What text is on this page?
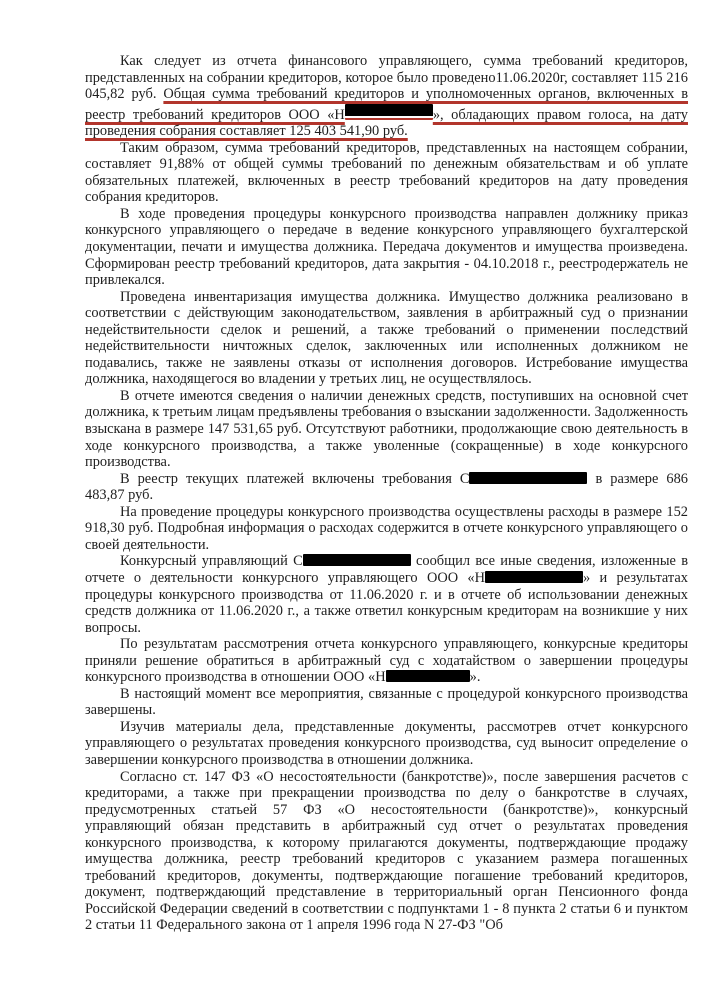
Как следует из отчета финансового управляющего, сумма требований кредиторов, представленных на собрании кредиторов, которое было проведено11.06.2020г, составляет 115 216 045,82 руб. Общая сумма требований кредиторов и уполномоченных органов, включенных в реестр требований кредиторов ООО «Н	», обладающих правом голоса, на дату проведения собрания составляет 125 403 541,90 руб.

Таким образом, сумма требований кредиторов, представленных на настоящем собрании, составляет 91,88% от общей суммы требований по денежным обязательствам и об уплате обязательных платежей, включенных в реестр требований кредиторов на дату проведения собрания кредиторов.

В ходе проведения процедуры конкурсного производства направлен должнику приказ конкурсного управляющего о передаче в ведение конкурсного управляющего бухгалтерской документации, печати и имущества должника. Передача документов и имущества произведена. Сформирован реестр требований кредиторов, дата закрытия - 04.10.2018 г., реестродержатель не привлекался.

Проведена инвентаризация имущества должника. Имущество должника реализовано в соответствии с действующим законодательством, заявления в арбитражный суд о признании недействительности сделок и решений, а также требований о применении последствий недействительности ничтожных сделок, заключенных или исполненных должником не подавались, также не заявлены отказы от исполнения договоров. Истребование имущества должника, находящегося во владении у третьих лиц, не осуществлялось.

В отчете имеются сведения о наличии денежных средств, поступивших на основной счет должника, к третьим лицам предъявлены требования о взыскании задолженности. Задолженность взыскана в размере 147 531,65 руб. Отсутствуют работники, продолжающие свою деятельность в ходе конкурсного производства, а также уволенные (сокращенные) в ходе конкурсного производства.

В реестр текущих платежей включены требования С	в размере 686 483,87 руб.

На проведение процедуры конкурсного производства осуществлены расходы в размере 152 918,30 руб. Подробная информация о расходах содержится в отчете конкурсного управляющего о своей деятельности.

Конкурсный управляющий С	сообщил все иные сведения, изложенные в отчете о деятельности конкурсного управляющего ООО «Н	» и результатах процедуры конкурсного производства от 11.06.2020 г. и в отчете об использовании денежных средств должника от 11.06.2020 г., а также ответил конкурсным кредиторам на возникшие у них вопросы.

По результатам рассмотрения отчета конкурсного управляющего, конкурсные кредиторы приняли решение обратиться в арбитражный суд с ходатайством о завершении процедуры конкурсного производства в отношении ООО «Н	».

В настоящий момент все мероприятия, связанные с процедурой конкурсного производства завершены.

Изучив материалы дела, представленные документы, рассмотрев отчет конкурсного управляющего о результатах проведения конкурсного производства, суд выносит определение о завершении конкурсного производства в отношении должника.

Согласно ст. 147 ФЗ «О несостоятельности (банкротстве)», после завершения расчетов с кредиторами, а также при прекращении производства по делу о банкротстве в случаях, предусмотренных статьей 57 ФЗ «О несостоятельности (банкротстве)», конкурсный управляющий обязан представить в арбитражный суд отчет о результатах проведения конкурсного производства, к которому прилагаются документы, подтверждающие продажу имущества должника, реестр требований кредиторов с указанием размера погашенных требований кредиторов, документы, подтверждающие погашение требований кредиторов, документ, подтверждающий представление в территориальный орган Пенсионного фонда Российской Федерации сведений в соответствии с подпунктами 1 - 8 пункта 2 статьи 6 и пунктом 2 статьи 11 Федерального закона от 1 апреля 1996 года N 27-ФЗ "Об
